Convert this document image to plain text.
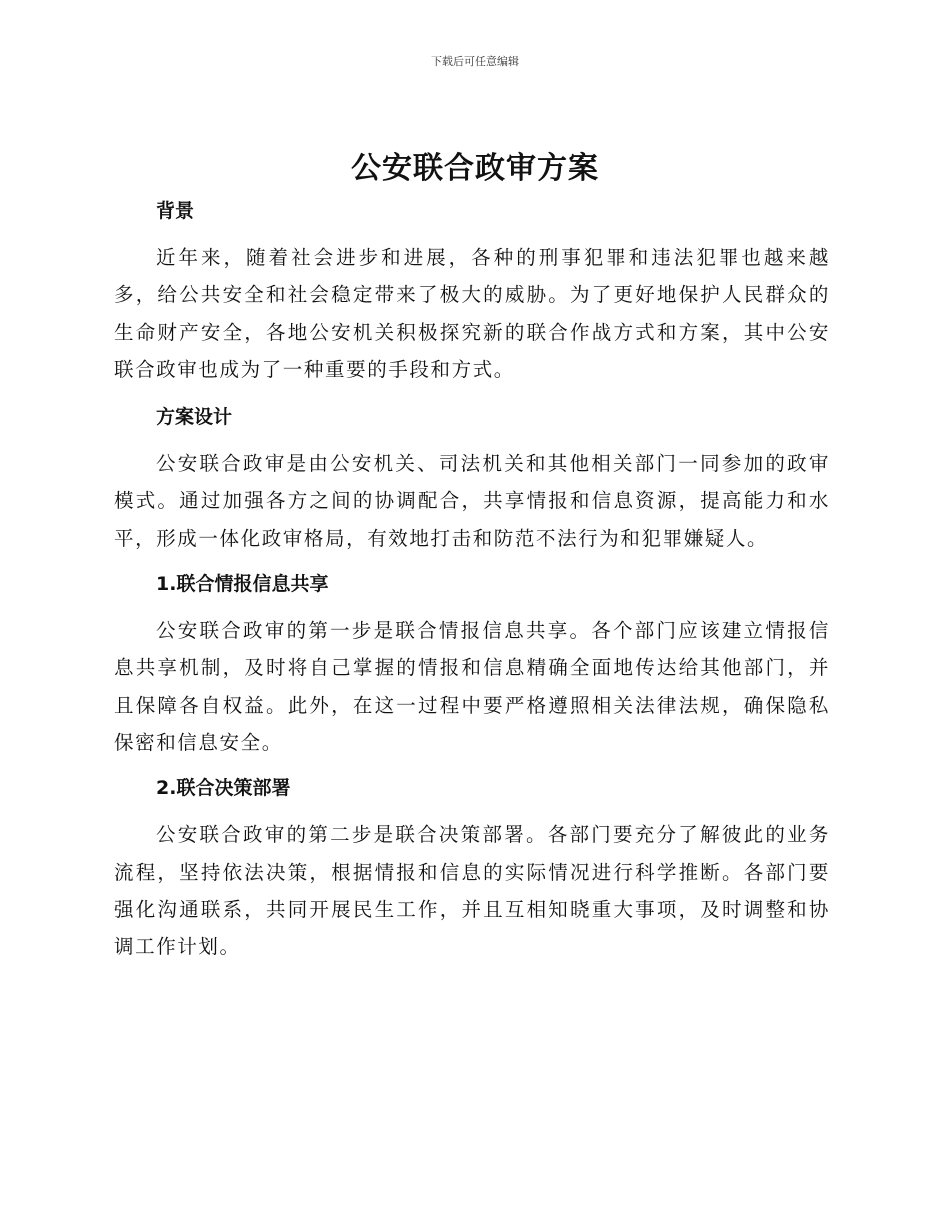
下载后可任意编辑
公安联合政审方案
背景

近年来，随着社会进步和进展，各种的刑事犯罪和违法犯罪也越来越多，给公共安全和社会稳定带来了极大的威胁。为了更好地保护人民群众的生命财产安全，各地公安机关积极探究新的联合作战方式和方案，其中公安联合政审也成为了一种重要的手段和方式。

方案设计

公安联合政审是由公安机关、司法机关和其他相关部门一同参加的政审模式。通过加强各方之间的协调配合，共享情报和信息资源，提高能力和水平，形成一体化政审格局，有效地打击和防范不法行为和犯罪嫌疑人。

1.联合情报信息共享

公安联合政审的第一步是联合情报信息共享。各个部门应该建立情报信息共享机制，及时将自己掌握的情报和信息精确全面地传达给其他部门，并且保障各自权益。此外，在这一过程中要严格遵照相关法律法规，确保隐私保密和信息安全。

2.联合决策部署

公安联合政审的第二步是联合决策部署。各部门要充分了解彼此的业务流程，坚持依法决策，根据情报和信息的实际情况进行科学推断。各部门要强化沟通联系，共同开展民生工作，并且互相知晓重大事项，及时调整和协调工作计划。
